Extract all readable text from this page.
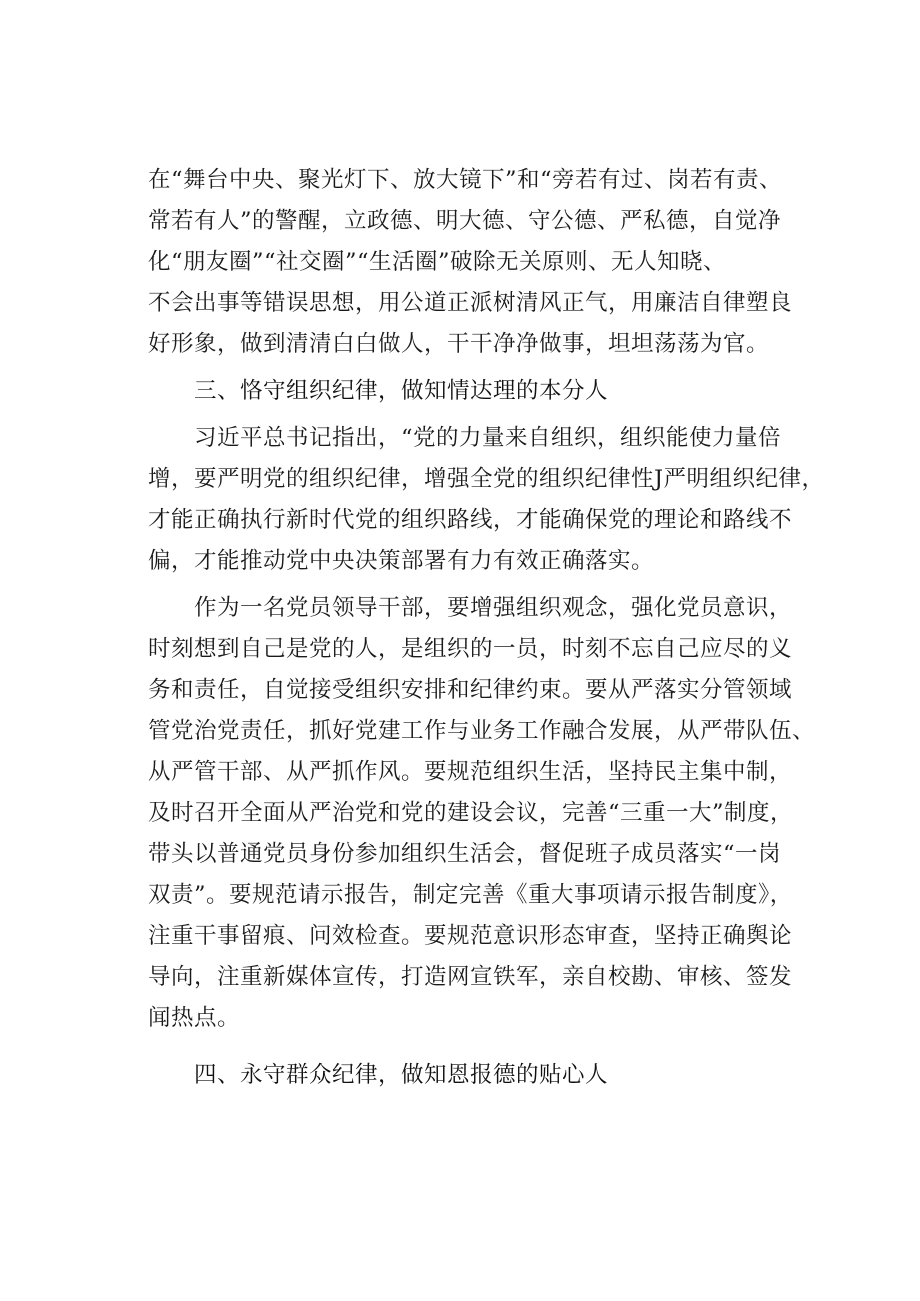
在“舞台中央、聚光灯下、放大镜下”和“旁若有过、岗若有责、
常若有人”的警醒，立政德、明大德、守公德、严私德，自觉净
化“朋友圈”“社交圈”“生活圈”破除无关原则、无人知晓、
不会出事等错误思想，用公道正派树清风正气，用廉洁自律塑良
好形象，做到清清白白做人，干干净净做事，坦坦荡荡为官。
三、恪守组织纪律，做知情达理的本分人
习近平总书记指出，“党的力量来自组织，组织能使力量倍
增，要严明党的组织纪律，增强全党的组织纪律性J严明组织纪律，
才能正确执行新时代党的组织路线，才能确保党的理论和路线不
偏，才能推动党中央决策部署有力有效正确落实。
作为一名党员领导干部，要增强组织观念，强化党员意识，
时刻想到自己是党的人，是组织的一员，时刻不忘自己应尽的义
务和责任，自觉接受组织安排和纪律约束。要从严落实分管领域
管党治党责任，抓好党建工作与业务工作融合发展，从严带队伍、
从严管干部、从严抓作风。要规范组织生活，坚持民主集中制，
及时召开全面从严治党和党的建设会议，完善“三重一大”制度，
带头以普通党员身份参加组织生活会，督促班子成员落实“一岗
双责”。要规范请示报告，制定完善《重大事项请示报告制度》，
注重干事留痕、问效检查。要规范意识形态审查，坚持正确舆论
导向，注重新媒体宣传，打造网宣铁军，亲自校勘、审核、签发
闻热点。
四、永守群众纪律，做知恩报德的贴心人
